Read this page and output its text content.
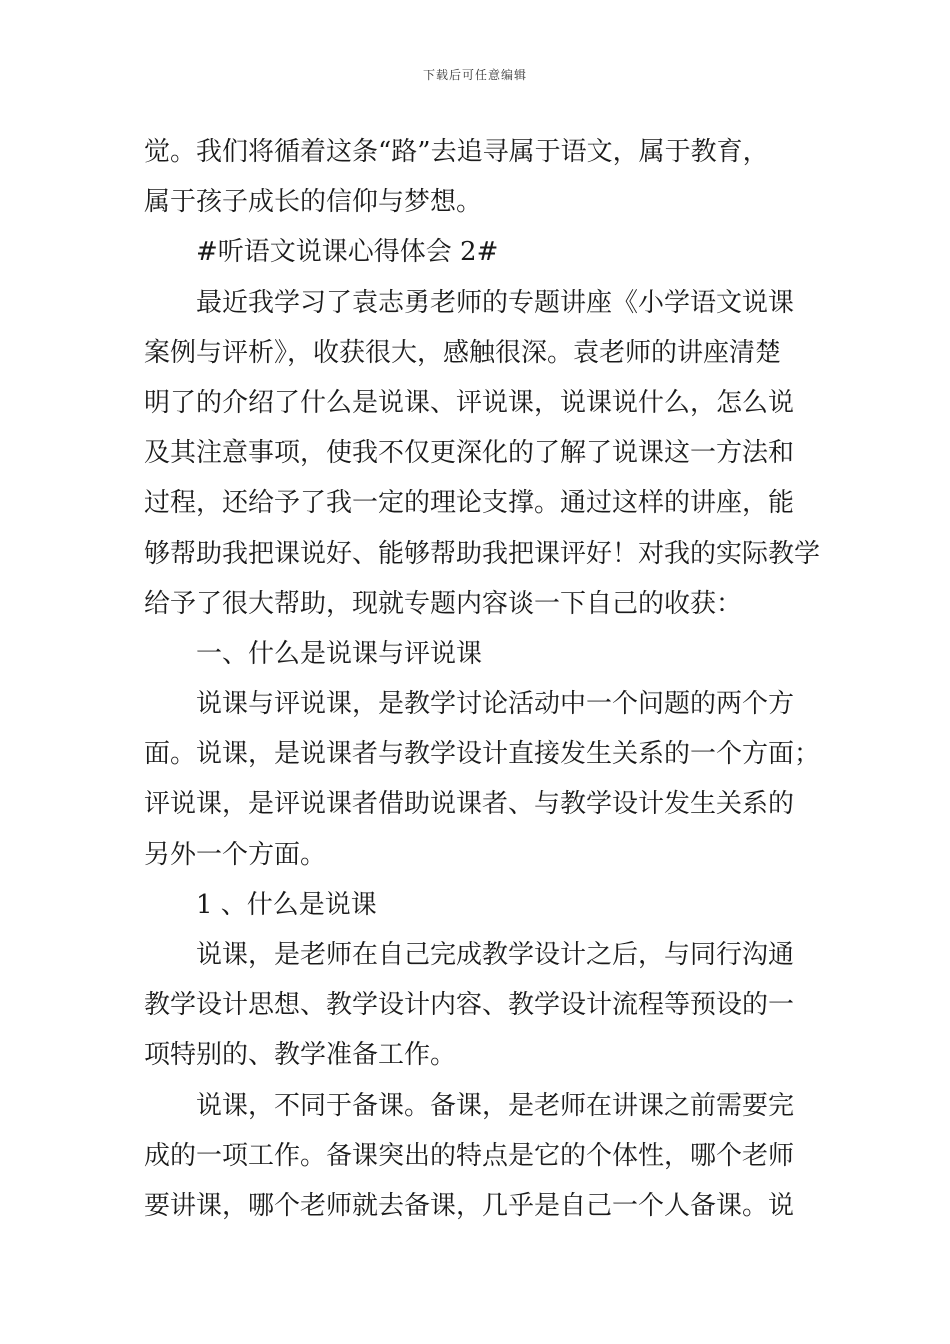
下载后可任意编辑
觉。我们将循着这条“路”去追寻属于语文，属于教育，
属于孩子成长的信仰与梦想。
#听语文说课心得体会 2#
最近我学习了袁志勇老师的专题讲座《小学语文说课
案例与评析》，收获很大，感触很深。袁老师的讲座清楚
明了的介绍了什么是说课、评说课，说课说什么，怎么说
及其注意事项，使我不仅更深化的了解了说课这一方法和
过程，还给予了我一定的理论支撑。通过这样的讲座，能
够帮助我把课说好、能够帮助我把课评好！对我的实际教学
给予了很大帮助，现就专题内容谈一下自己的收获：
一、什么是说课与评说课
说课与评说课，是教学讨论活动中一个问题的两个方
面。说课，是说课者与教学设计直接发生关系的一个方面；
评说课，是评说课者借助说课者、与教学设计发生关系的
另外一个方面。
1 、什么是说课
说课，是老师在自己完成教学设计之后，与同行沟通
教学设计思想、教学设计内容、教学设计流程等预设的一
项特别的、教学准备工作。
说课，不同于备课。备课，是老师在讲课之前需要完
成的一项工作。备课突出的特点是它的个体性，哪个老师
要讲课，哪个老师就去备课，几乎是自己一个人备课。说
